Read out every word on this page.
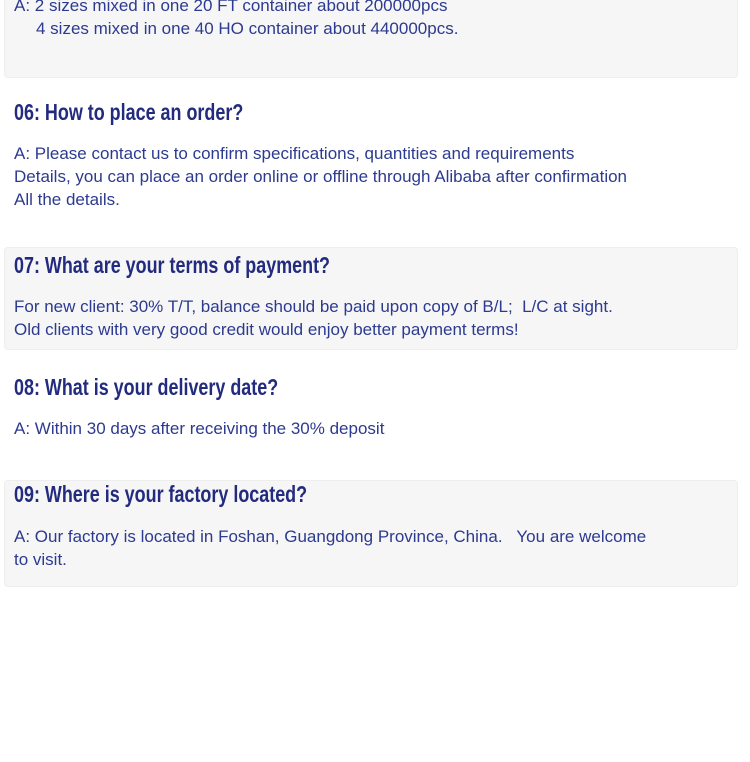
A: 2 sizes mixed in one 20 FT container about 200000pcs
4 sizes mixed in one 40 HO container about 440000pcs.
06: How to place an order?
A: Please contact us to confirm specifications, quantities and requirements
Details, you can place an order online or offline through Alibaba after confirmation
All the details.
07: What are your terms of payment?
For new client: 30% T/T, balance should be paid upon copy of B/L;  L/C at sight.
Old clients with very good credit would enjoy better payment terms!
08: What is your delivery date?
A: Within 30 days after receiving the 30% deposit
09: Where is your factory located?
A: Our factory is located in Foshan, Guangdong Province, China.   You are welcome
to visit.
